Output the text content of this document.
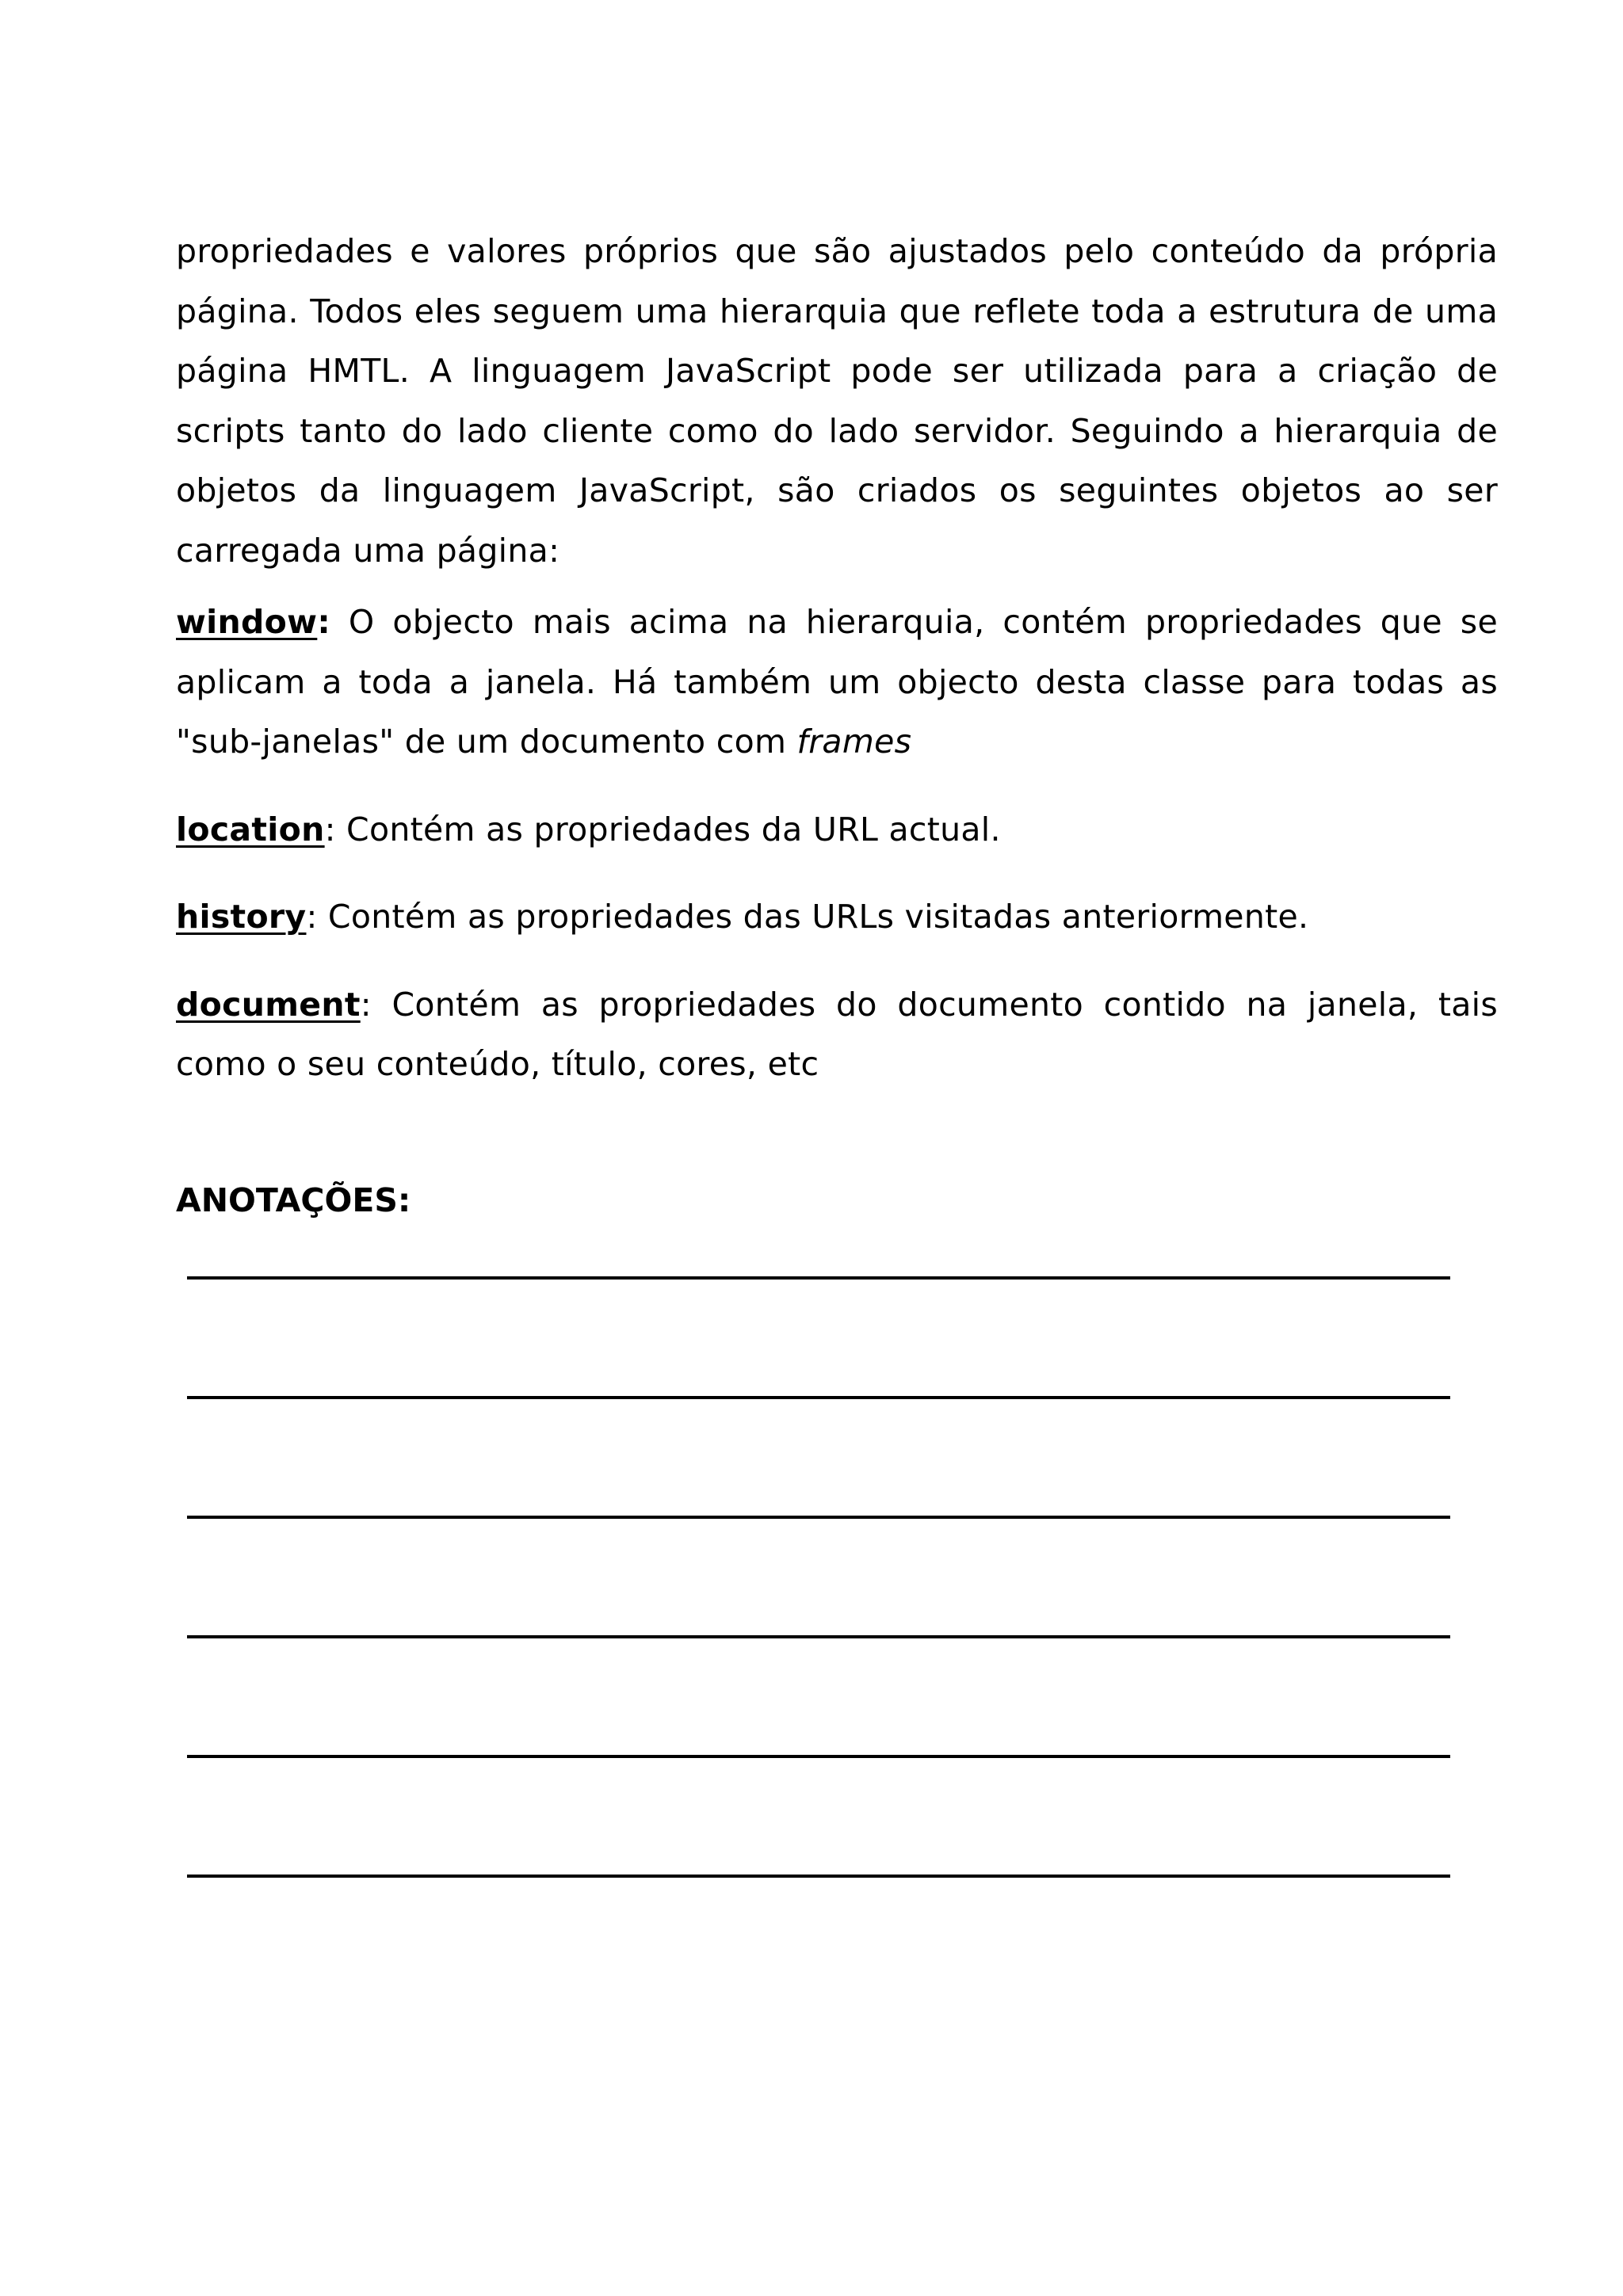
propriedades e valores próprios que são ajustados pelo conteúdo da própria página. Todos eles seguem uma hierarquia que reflete toda a estrutura de uma página HMTL. A linguagem JavaScript pode ser utilizada para a criação de scripts tanto do lado cliente como do lado servidor. Seguindo a hierarquia de objetos da linguagem JavaScript, são criados os seguintes objetos ao ser carregada uma página:

window: O objecto mais acima na hierarquia, contém propriedades que se aplicam a toda a janela. Há também um objecto desta classe para todas as "sub-janelas" de um documento com frames

location: Contém as propriedades da URL actual.

history: Contém as propriedades das URLs visitadas anteriormente.

document: Contém as propriedades do documento contido na janela, tais como o seu conteúdo, título, cores, etc

ANOTAÇÕES:
